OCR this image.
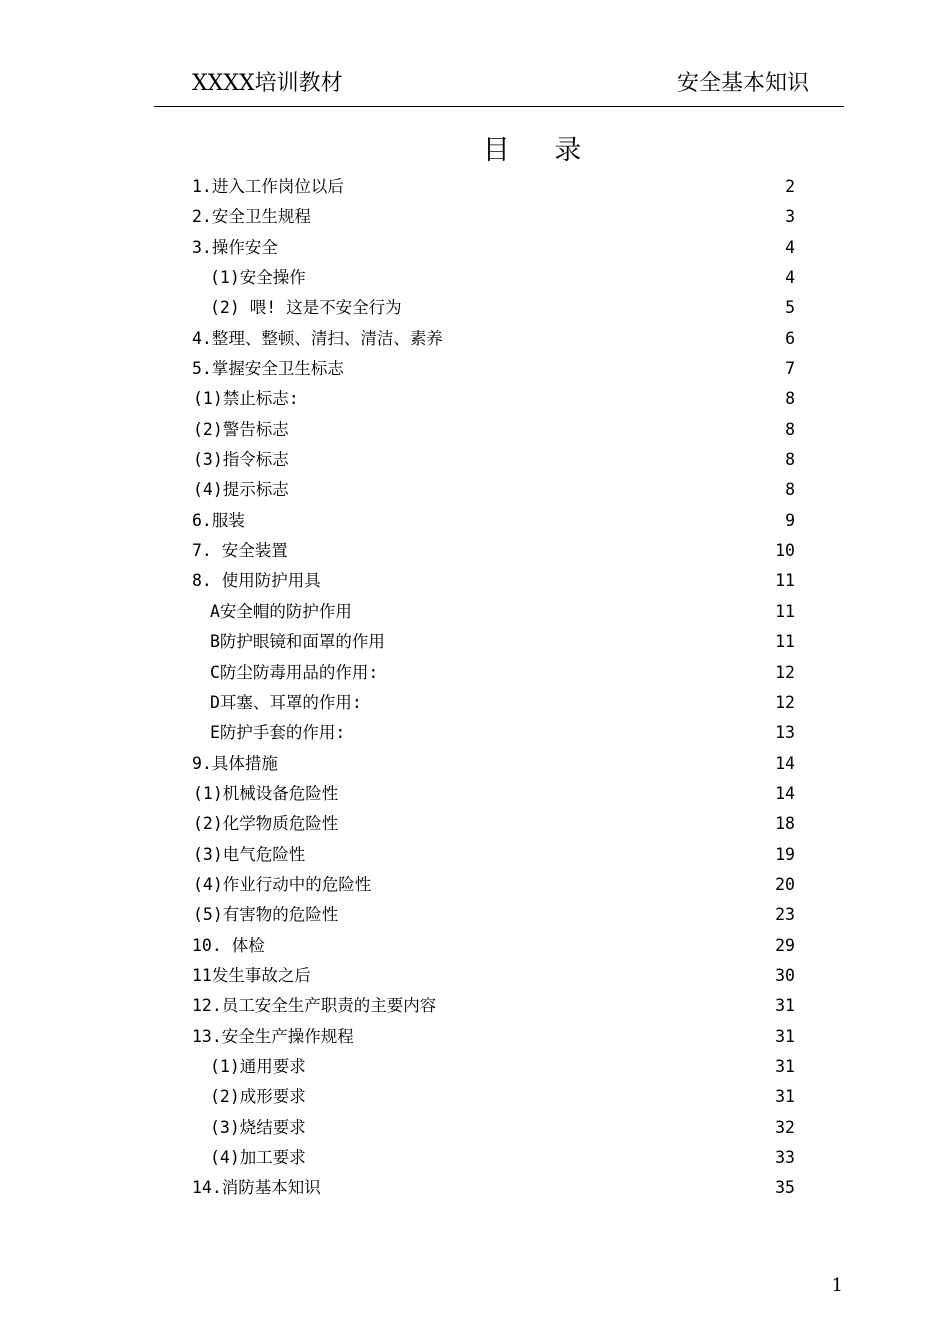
XXXX培训教材	安全基本知识
目 录
1.进入工作岗位以后	2
2.安全卫生规程	3
3.操作安全	4
(1)安全操作	4
(2) 喂! 这是不安全行为	5
4.整理、整顿、清扫、清洁、素养	6
5.掌握安全卫生标志	7
(1)禁止标志:	8
(2)警告标志	8
(3)指令标志	8
(4)提示标志	8
6.服装	9
7. 安全装置	10
8. 使用防护用具	11
A安全帽的防护作用	11
B防护眼镜和面罩的作用	11
C防尘防毒用品的作用:	12
D耳塞、耳罩的作用:	12
E防护手套的作用:	13
9.具体措施	14
(1)机械设备危险性	14
(2)化学物质危险性	18
(3)电气危险性	19
(4)作业行动中的危险性	20
(5)有害物的危险性	23
10. 体检	29
11发生事故之后	30
12.员工安全生产职责的主要内容	31
13.安全生产操作规程	31
(1)通用要求	31
(2)成形要求	31
(3)烧结要求	32
(4)加工要求	33
14.消防基本知识	35
1
